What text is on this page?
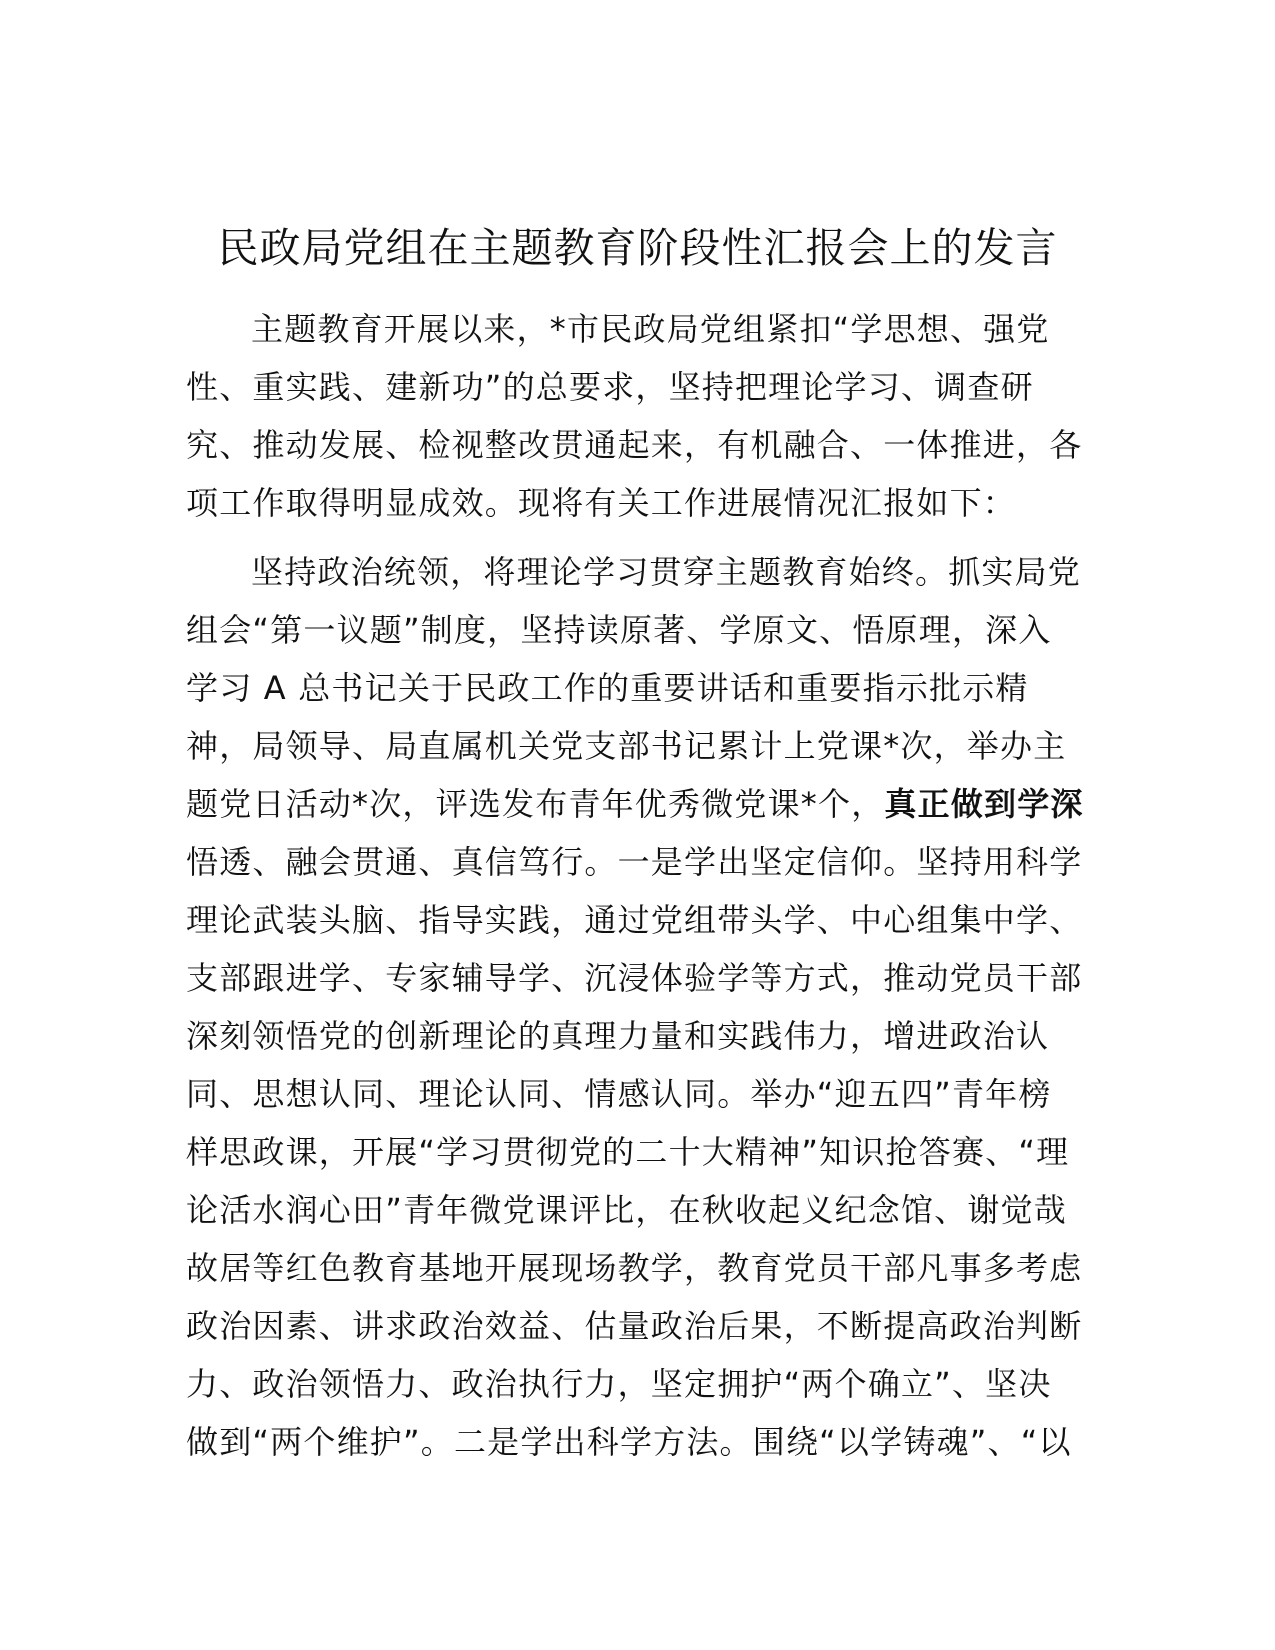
民政局党组在主题教育阶段性汇报会上的发言
主题教育开展以来，*市民政局党组紧扣“学思想、强党
性、重实践、建新功”的总要求，坚持把理论学习、调查研
究、推动发展、检视整改贯通起来，有机融合、一体推进，各
项工作取得明显成效。现将有关工作进展情况汇报如下：
坚持政治统领，将理论学习贯穿主题教育始终。抓实局党
组会“第一议题”制度，坚持读原著、学原文、悟原理，深入
学习 A 总书记关于民政工作的重要讲话和重要指示批示精
神，局领导、局直属机关党支部书记累计上党课*次，举办主
题党日活动*次，评选发布青年优秀微党课*个，真正做到学深
悟透、融会贯通、真信笃行。一是学出坚定信仰。坚持用科学
理论武装头脑、指导实践，通过党组带头学、中心组集中学、
支部跟进学、专家辅导学、沉浸体验学等方式，推动党员干部
深刻领悟党的创新理论的真理力量和实践伟力，增进政治认
同、思想认同、理论认同、情感认同。举办“迎五四”青年榜
样思政课，开展“学习贯彻党的二十大精神”知识抢答赛、“理
论活水润心田”青年微党课评比，在秋收起义纪念馆、谢觉哉
故居等红色教育基地开展现场教学，教育党员干部凡事多考虑
政治因素、讲求政治效益、估量政治后果，不断提高政治判断
力、政治领悟力、政治执行力，坚定拥护“两个确立”、坚决
做到“两个维护”。二是学出科学方法。围绕“以学铸魂”、“以
